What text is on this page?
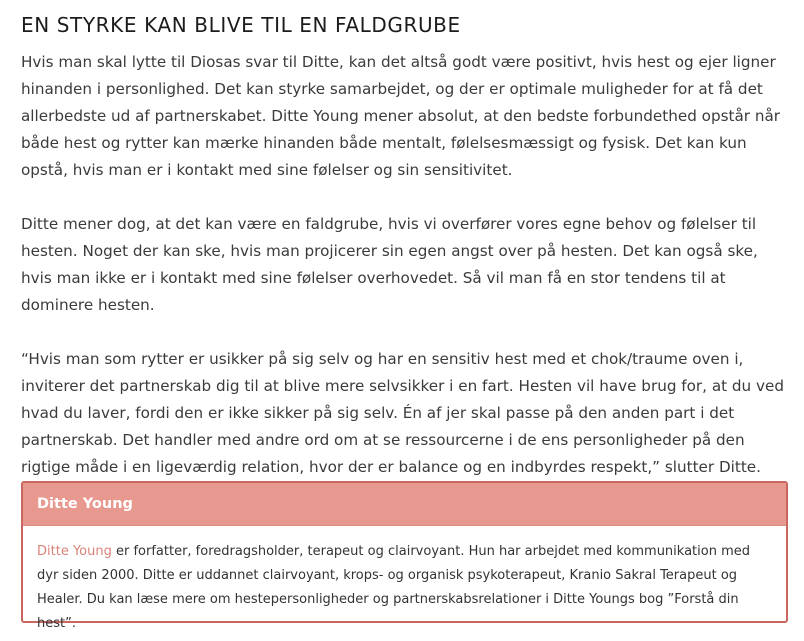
EN STYRKE KAN BLIVE TIL EN FALDGRUBE

Hvis man skal lytte til Diosas svar til Ditte, kan det altså godt være positivt, hvis hest og ejer ligner hinanden i personlighed. Det kan styrke samarbejdet, og der er optimale muligheder for at få det allerbedste ud af partnerskabet. Ditte Young mener absolut, at den bedste forbundethed opstår når både hest og rytter kan mærke hinanden både mentalt, følelsesmæssigt og fysisk. Det kan kun opstå, hvis man er i kontakt med sine følelser og sin sensitivitet.

Ditte mener dog, at det kan være en faldgrube, hvis vi overfører vores egne behov og følelser til hesten. Noget der kan ske, hvis man projicerer sin egen angst over på hesten. Det kan også ske, hvis man ikke er i kontakt med sine følelser overhovedet. Så vil man få en stor tendens til at dominere hesten.

“Hvis man som rytter er usikker på sig selv og har en sensitiv hest med et chok/traume oven i, inviterer det partnerskab dig til at blive mere selvsikker i en fart. Hesten vil have brug for, at du ved hvad du laver, fordi den er ikke sikker på sig selv. Én af jer skal passe på den anden part i det partnerskab. Det handler med andre ord om at se ressourcerne i de ens personligheder på den rigtige måde i en ligeværdig relation, hvor der er balance og en indbyrdes respekt,” slutter Ditte.

Ditte Young
Ditte Young er forfatter, foredragsholder, terapeut og clairvoyant. Hun har arbejdet med kommunikation med dyr siden 2000. Ditte er uddannet clairvoyant, krops- og organisk psykoterapeut, Kranio Sakral Terapeut og Healer. Du kan læse mere om hestepersonligheder og partnerskabsrelationer i Ditte Youngs bog ”Forstå din hest”.
